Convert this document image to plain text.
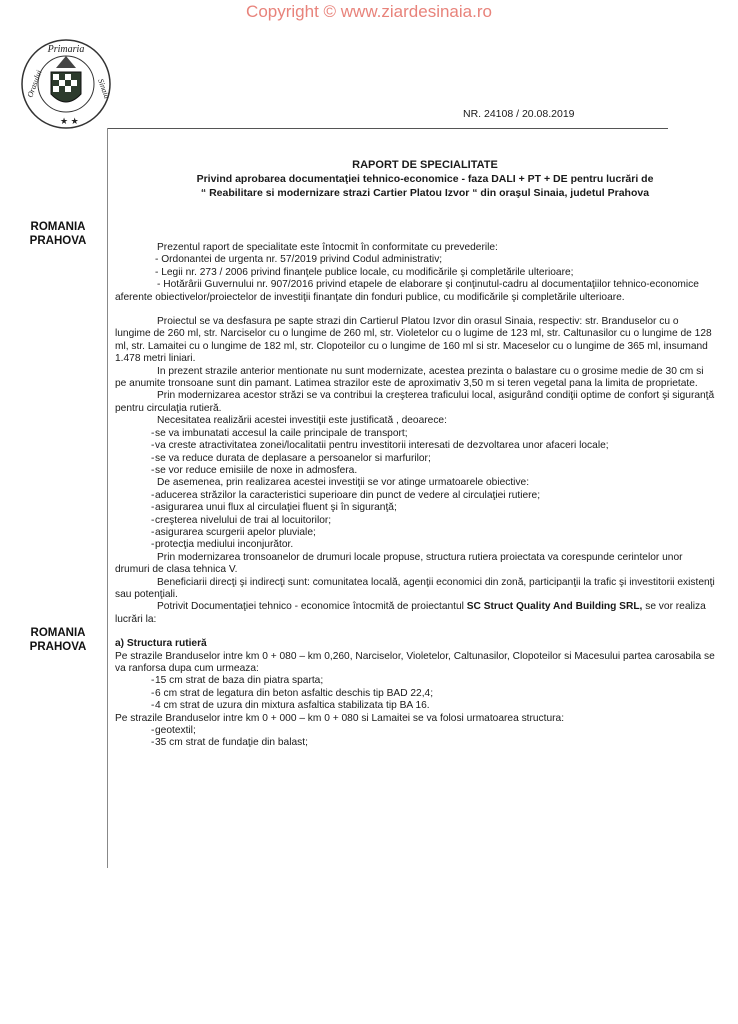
Copyright © www.ziardesinaia.ro
Primaria
Orasului	Sinaia
★ ★
NR. 24108 / 20.08.2019
RAPORT DE SPECIALITATE
Privind aprobarea documentaţiei tehnico-economice - faza DALI + PT + DE pentru lucrări de
“ Reabilitare si modernizare strazi Cartier Platou Izvor “ din oraşul Sinaia, judetul Prahova
ROMANIA
PRAHOVA
ROMANIA
PRAHOVA

Prezentul raport de specialitate este întocmit în conformitate cu prevederile:

- Ordonantei de urgenta nr. 57/2019 privind Codul administrativ;

- Legii nr. 273 / 2006 privind finanţele publice locale, cu modificările şi completările ulterioare;

- Hotărârii Guvernului nr. 907/2016 privind etapele de elaborare şi conţinutul-cadru al documentaţiilor tehnico-economice aferente obiectivelor/proiectelor de investiţii finanţate din fonduri publice, cu modificările şi completările ulterioare.

Proiectul se va desfasura pe sapte strazi din Cartierul Platou Izvor din orasul Sinaia, respectiv: str. Branduselor cu o lungime de 260 ml, str. Narciselor cu o lungime de 260 ml, str. Violetelor cu o lugime de 123 ml, str. Caltunasilor cu o lungime de 128 ml, str. Lamaitei cu o lungime de 182 ml, str. Clopoteilor cu o lungime de 160 ml si str. Maceselor cu o lungime de 365 ml, insumand 1.478 metri liniari.

In prezent strazile anterior mentionate nu sunt modernizate, acestea prezinta o balastare cu o grosime medie de 30 cm si pe anumite tronsoane sunt din pamant. Latimea strazilor este de aproximativ 3,50 m si teren vegetal pana la limita de proprietate.

Prin modernizarea acestor străzi se va contribui la creşterea traficului local, asigurând condiţii optime de confort şi siguranţă pentru circulaţia rutieră.

Necesitatea realizării acestei investiţii este justificată , deoarece:

- se va imbunatati accesul la caile principale de transport;
- va creste atractivitatea zonei/localitatii pentru investitorii interesati de dezvoltarea unor afaceri locale;
- se va reduce durata de deplasare a persoanelor si marfurilor;
- se vor reduce emisiile de noxe in admosfera.

De asemenea, prin realizarea acestei investiţii se vor atinge urmatoarele obiective:

- aducerea străzilor la caracteristici superioare din punct de vedere al circulaţiei rutiere;
- asigurarea unui flux al circulaţiei fluent şi în siguranţă;
- creşterea nivelului de trai al locuitorilor;
- asigurarea scurgerii apelor pluviale;
- protecţia mediului inconjurător.

Prin modernizarea tronsoanelor de drumuri locale propuse, structura rutiera proiectata va corespunde cerintelor unor drumuri de clasa tehnica V.

Beneficiarii direcţi şi indirecţi sunt: comunitatea locală, agenţii economici din zonă, participanţii la trafic şi investitorii existenţi sau potenţiali.

Potrivit Documentaţiei tehnico - economice întocmită de proiectantul SC Struct Quality And Building SRL, se vor realiza lucrări la:

a) Structura rutieră

Pe strazile Branduselor intre km 0 + 080 – km 0,260, Narciselor, Violetelor, Caltunasilor, Clopoteilor si Macesului partea carosabila se va ranforsa dupa cum urmeaza:

- 15 cm strat de baza din piatra sparta;
- 6 cm strat de legatura din beton asfaltic deschis tip BAD 22,4;
- 4 cm strat de uzura din mixtura asfaltica stabilizata tip BA 16.

Pe strazile Branduselor intre km 0 + 000 – km 0 + 080 si Lamaitei se va folosi urmatoarea structura:

- geotextil;
- 35 cm strat de fundaţie din balast;
